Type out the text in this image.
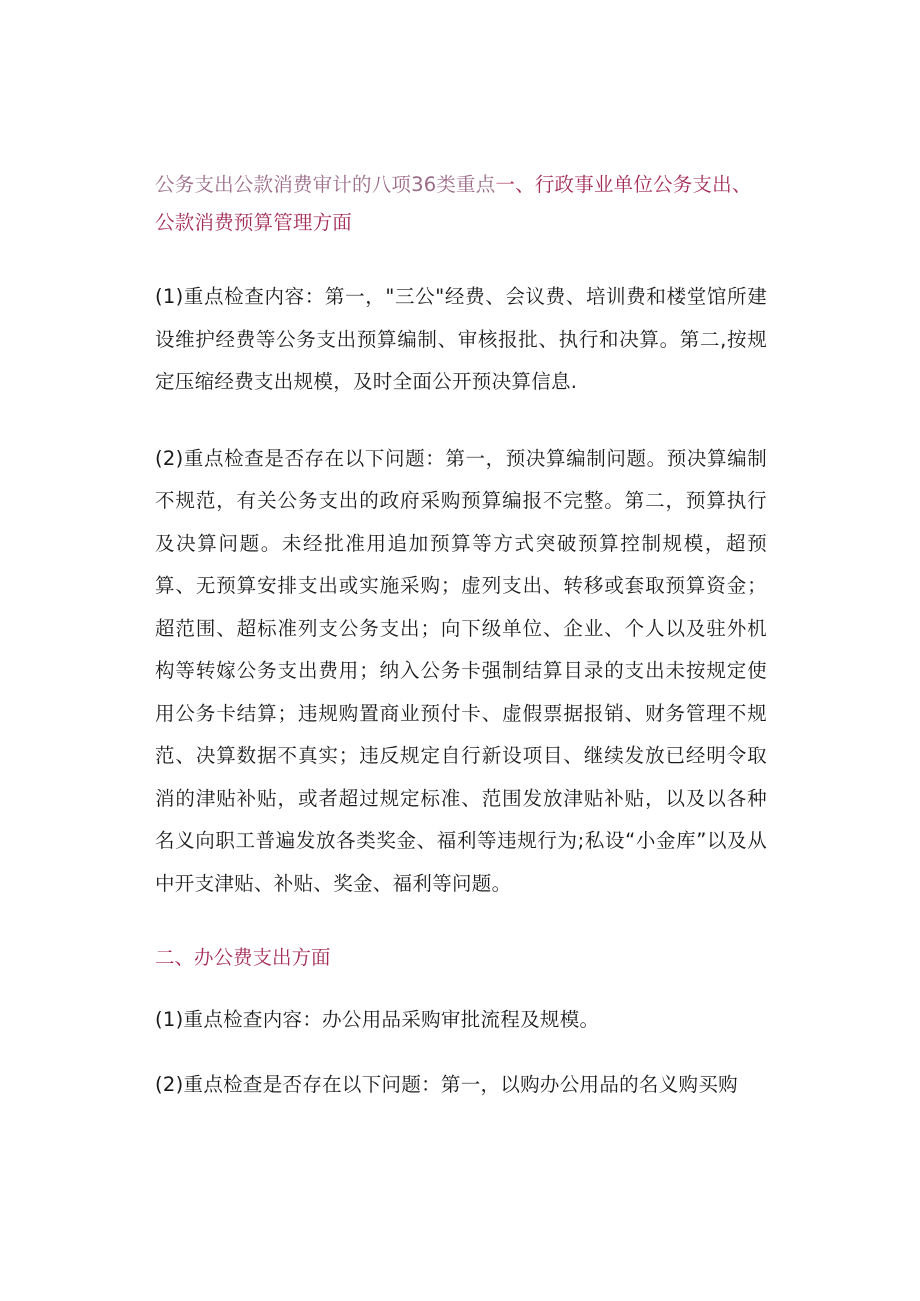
公务支出公款消费审计的八项36类重点一、行政事业单位公务支出、公款消费预算管理方面

(1)重点检查内容：第一，"三公"经费、会议费、培训费和楼堂馆所建设维护经费等公务支出预算编制、审核报批、执行和决算。第二,按规定压缩经费支出规模，及时全面公开预决算信息.

(2)重点检查是否存在以下问题：第一，预决算编制问题。预决算编制不规范，有关公务支出的政府采购预算编报不完整。第二，预算执行及决算问题。未经批准用追加预算等方式突破预算控制规模，超预算、无预算安排支出或实施采购；虚列支出、转移或套取预算资金；超范围、超标准列支公务支出；向下级单位、企业、个人以及驻外机构等转嫁公务支出费用；纳入公务卡强制结算目录的支出未按规定使用公务卡结算；违规购置商业预付卡、虚假票据报销、财务管理不规范、决算数据不真实；违反规定自行新设项目、继续发放已经明令取消的津贴补贴，或者超过规定标准、范围发放津贴补贴，以及以各种名义向职工普遍发放各类奖金、福利等违规行为;私设“小金库”以及从中开支津贴、补贴、奖金、福利等问题。

二、办公费支出方面

(1)重点检查内容：办公用品采购审批流程及规模。

(2)重点检查是否存在以下问题：第一，以购办公用品的名义购买购
